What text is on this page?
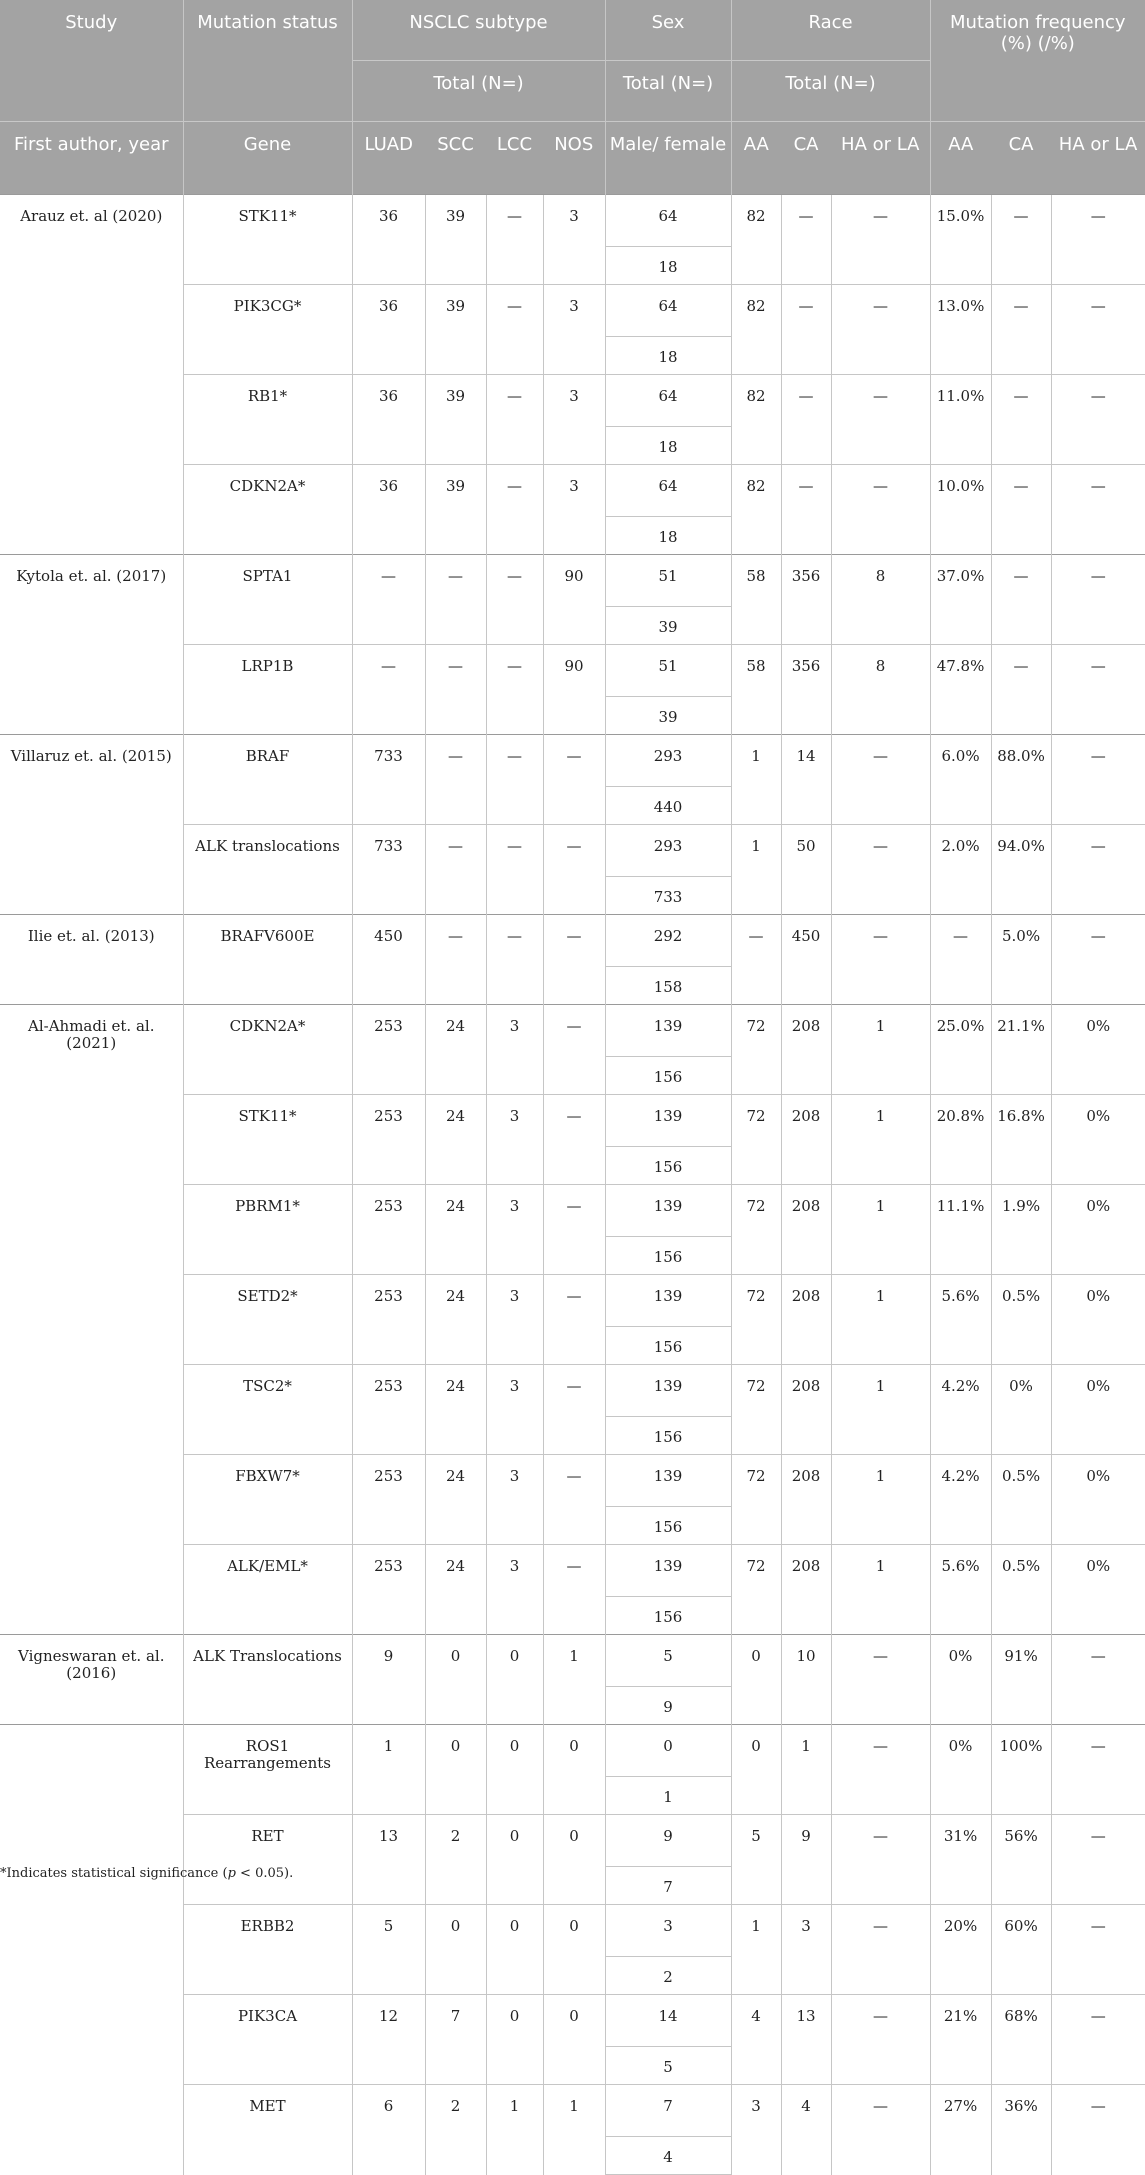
Study	Mutation status	NSCLC subtype				Sex	Race			Mutation frequency (%) (/%)		
		Total (N=)				Total (N=)	Total (N=)					
First author, year	Gene	LUAD	SCC	LCC	NOS	Male/ female	AA	CA	HA or LA	AA	CA	HA or LA
Arauz et. al (2020)	STK11*	36	39	—	3	64	82	—	—	15.0%	—	—
						18						
	PIK3CG*	36	39	—	3	64	82	—	—	13.0%	—	—
						18						
	RB1*	36	39	—	3	64	82	—	—	11.0%	—	—
						18						
	CDKN2A*	36	39	—	3	64	82	—	—	10.0%	—	—
						18						
Kytola et. al. (2017)	SPTA1	—	—	—	90	51	58	356	8	37.0%	—	—
						39						
	LRP1B	—	—	—	90	51	58	356	8	47.8%	—	—
						39						
Villaruz et. al. (2015)	BRAF	733	—	—	—	293	1	14	—	6.0%	88.0%	—
						440						
	ALK translocations	733	—	—	—	293	1	50	—	2.0%	94.0%	—
						733						
Ilie et. al. (2013)	BRAFV600E	450	—	—	—	292	—	450	—	—	5.0%	—
						158						
Al-Ahmadi et. al. (2021)	CDKN2A*	253	24	3	—	139	72	208	1	25.0%	21.1%	0%
						156						
	STK11*	253	24	3	—	139	72	208	1	20.8%	16.8%	0%
						156						
	PBRM1*	253	24	3	—	139	72	208	1	11.1%	1.9%	0%
						156						
	SETD2*	253	24	3	—	139	72	208	1	5.6%	0.5%	0%
						156						
	TSC2*	253	24	3	—	139	72	208	1	4.2%	0%	0%
						156						
	FBXW7*	253	24	3	—	139	72	208	1	4.2%	0.5%	0%
						156						
	ALK/EML*	253	24	3	—	139	72	208	1	5.6%	0.5%	0%
						156						
Vigneswaran et. al. (2016)	ALK Translocations	9	0	0	1	5	0	10	—	0%	91%	—
						9						
	ROS1 Rearrangements	1	0	0	0	0	0	1	—	0%	100%	—
						1						
	RET	13	2	0	0	9	5	9	—	31%	56%	—
						7						
	ERBB2	5	0	0	0	3	1	3	—	20%	60%	—
						2						
	PIK3CA	12	7	0	0	14	4	13	—	21%	68%	—
						5						
	MET	6	2	1	1	7	3	4	—	27%	36%	—
						4						
*Indicates statistical significance (p < 0.05).
